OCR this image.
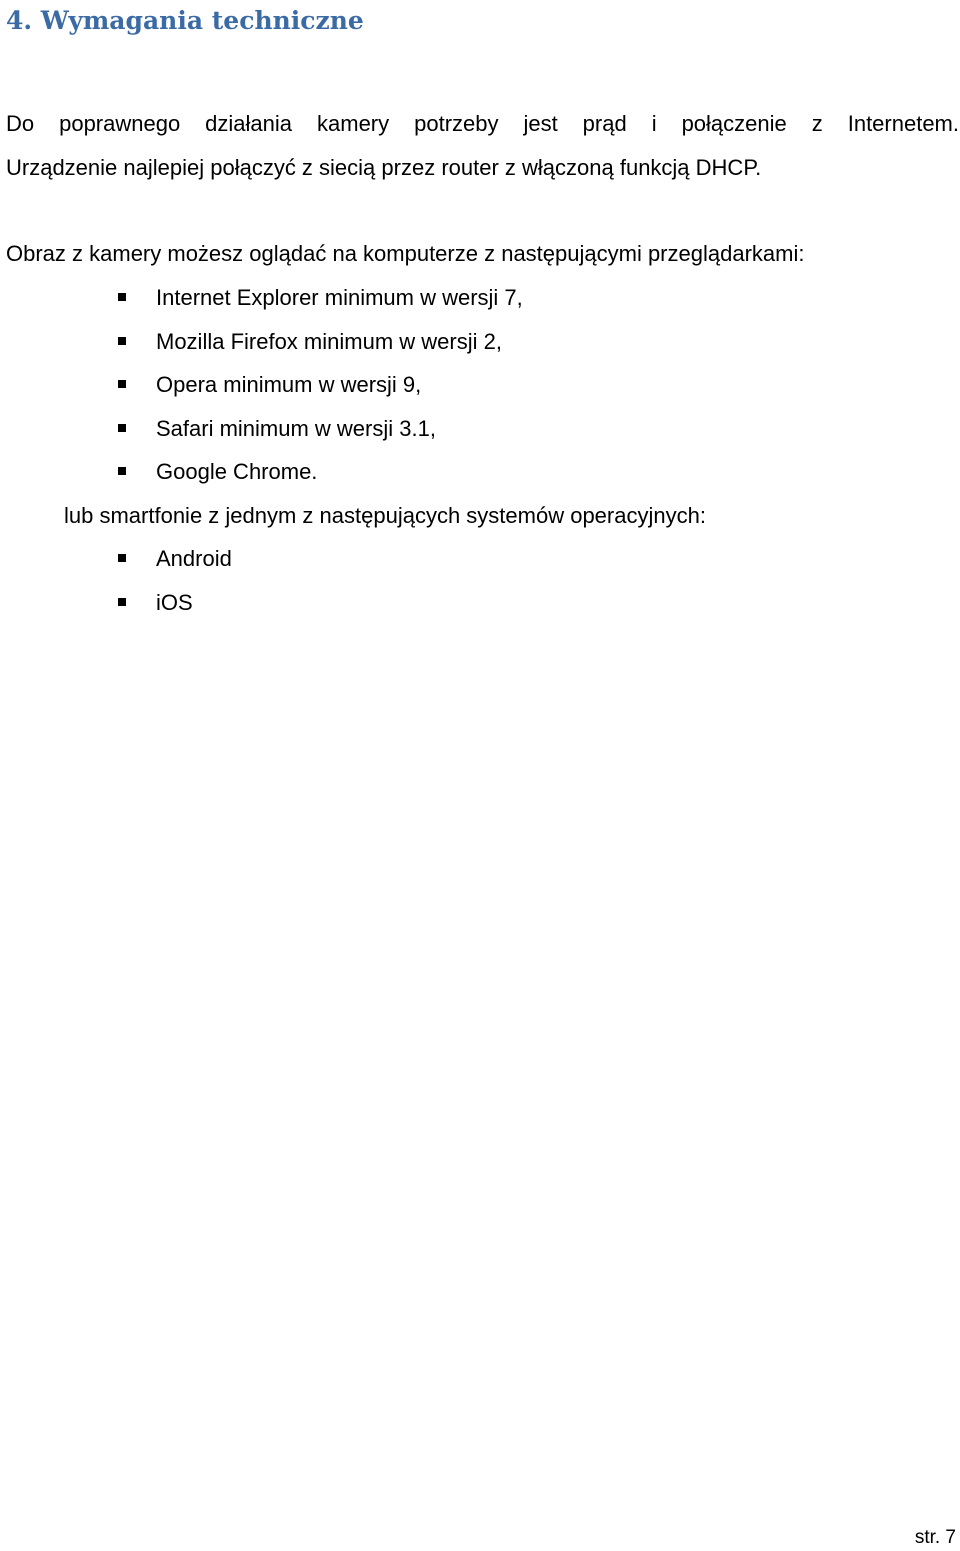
4. Wymagania techniczne

Do poprawnego działania kamery potrzeby jest prąd i połączenie z Internetem.
Urządzenie najlepiej połączyć z siecią przez router z włączoną funkcją DHCP.

Obraz z kamery możesz oglądać na komputerze z następującymi przeglądarkami:

Internet Explorer minimum w wersji 7,
Mozilla Firefox minimum w wersji 2,
Opera minimum w wersji 9,
Safari minimum w wersji 3.1,
Google Chrome.

lub smartfonie z jednym z następujących systemów operacyjnych:

Android
iOS
str. 7
